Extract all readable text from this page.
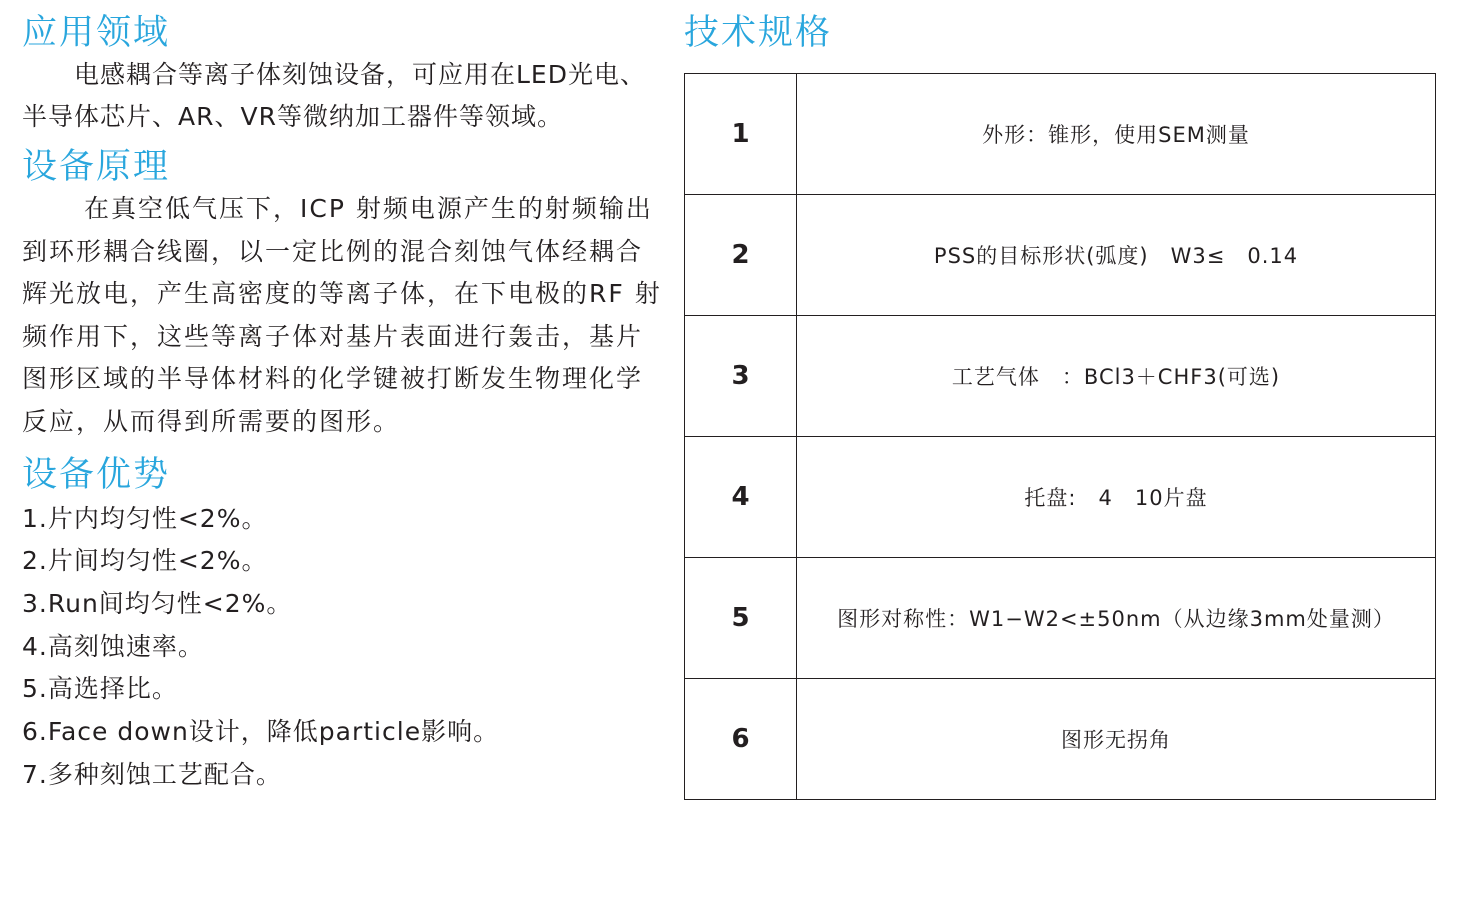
应用领域

电感耦合等离子体刻蚀设备，可应用在LED光电、半导体芯片、AR、VR等微纳加工器件等领域。

设备原理

在真空低气压下，ICP 射频电源产生的射频输出到环形耦合线圈，以一定比例的混合刻蚀气体经耦合辉光放电，产生高密度的等离子体，在下电极的RF 射频作用下，这些等离子体对基片表面进行轰击，基片图形区域的半导体材料的化学键被打断发生物理化学反应，从而得到所需要的图形。

设备优势
1.片内均匀性<2%。
2.片间均匀性<2%。
3.Run间均匀性<2%。
4.高刻蚀速率。
5.高选择比。
6.Face down设计，降低particle影响。
7.多种刻蚀工艺配合。
技术规格
1	外形：锥形，使用SEM测量
2	PSS的目标形状(弧度)　W3≤　0.14
3	工艺气体　：BCl3＋CHF3(可选)
4	托盘:　4　10片盘
5	图形对称性：W1−W2<±50nm（从边缘3mm处量测）
6	图形无拐角
